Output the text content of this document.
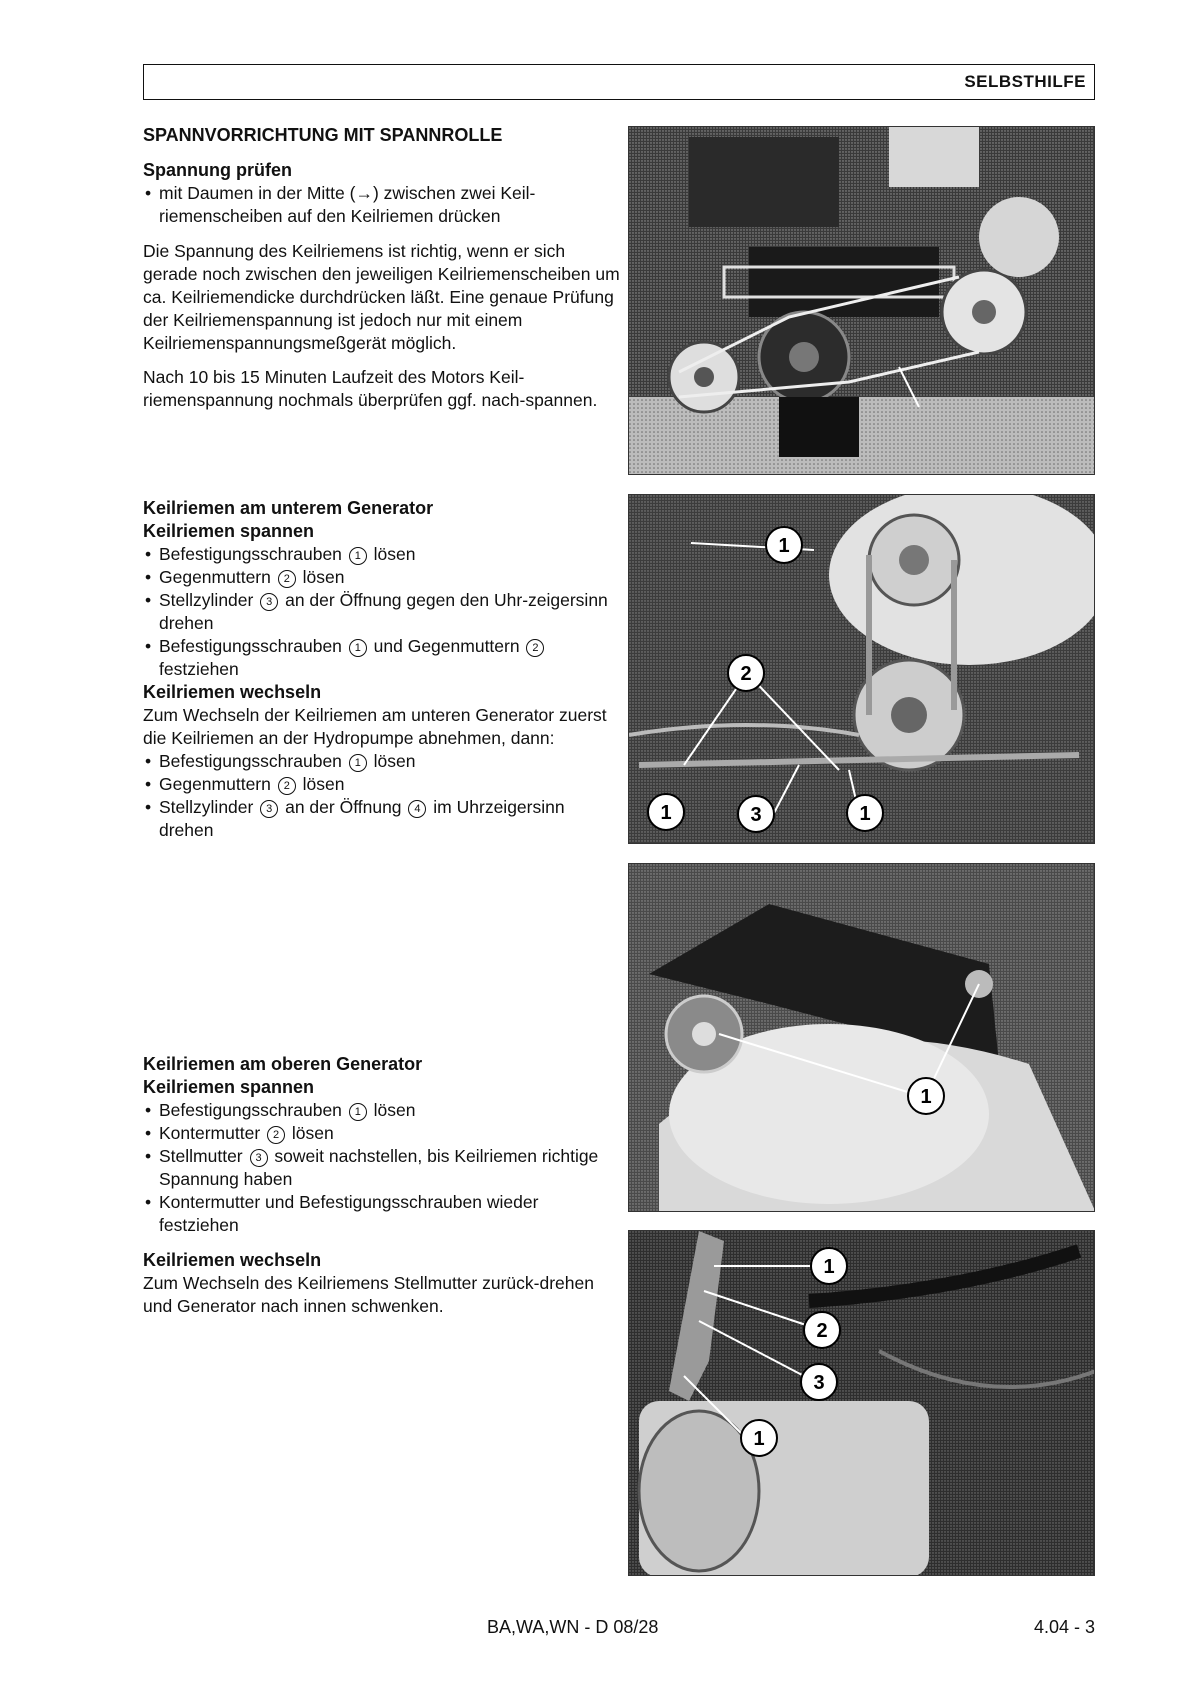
SELBSTHILFE
SPANNVORRICHTUNG MIT SPANNROLLE
Spannung prüfen
• mit Daumen in der Mitte (→) zwischen zwei Keil-riemenscheiben auf den Keilriemen drücken

Die Spannung des Keilriemens ist richtig, wenn er sich gerade noch zwischen den jeweiligen Keilriemenscheiben um ca. Keilriemendicke durchdrücken läßt. Eine genaue Prüfung der Keilriemenspannung ist jedoch nur mit einem Keilriemenspannungsmeßgerät möglich.

Nach 10 bis 15 Minuten Laufzeit des Motors Keil-riemenspannung nochmals überprüfen ggf. nach-spannen.

Keilriemen am unterem Generator
Keilriemen spannen
• Befestigungsschrauben 1 lösen
• Gegenmuttern 2 lösen
• Stellzylinder 3 an der Öffnung gegen den Uhr-zeigersinn drehen
• Befestigungsschrauben 1 und Gegenmuttern 2 festziehen
Keilriemen wechseln

Zum Wechseln der Keilriemen am unteren Generator zuerst die Keilriemen an der Hydropumpe abnehmen, dann:

• Befestigungsschrauben 1 lösen
• Gegenmuttern 2 lösen
• Stellzylinder 3 an der Öffnung 4 im Uhrzeigersinn drehen
Keilriemen am oberen Generator
Keilriemen spannen
• Befestigungsschrauben 1 lösen
• Kontermutter 2 lösen
• Stellmutter 3 soweit nachstellen, bis Keilriemen richtige Spannung haben
• Kontermutter und Befestigungsschrauben wieder festziehen
Keilriemen wechseln

Zum Wechseln des Keilriemens Stellmutter zurück-drehen und Generator nach innen schwenken.

1
2
1	3	1
1
1
2
3
1
BA,WA,WN - D 08/28	4.04 - 3
